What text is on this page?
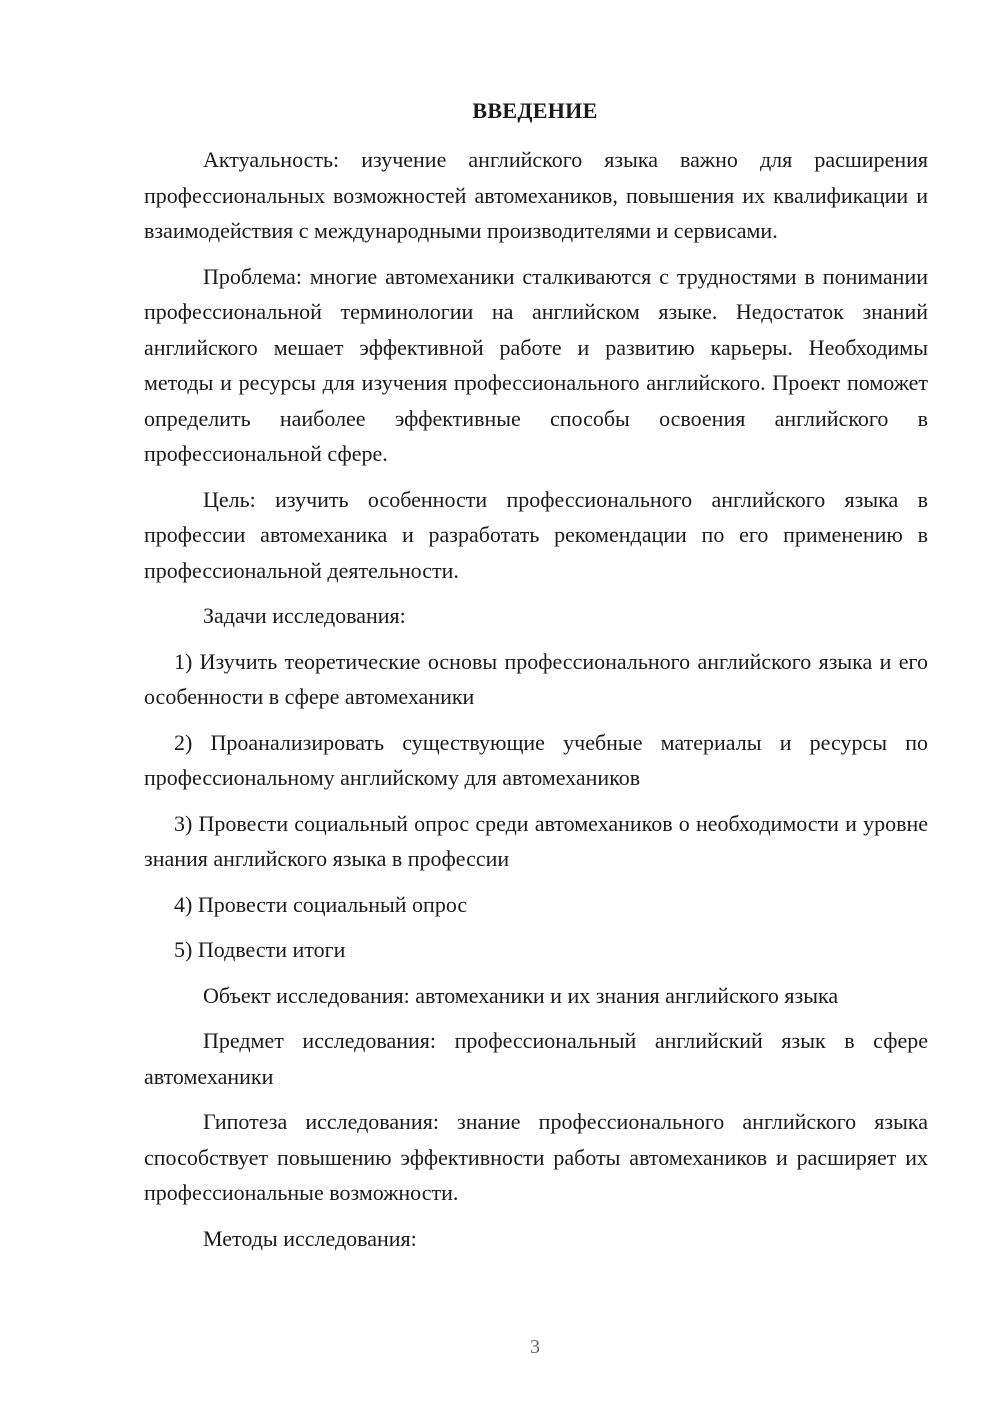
ВВЕДЕНИЕ

Актуальность: изучение английского языка важно для расширения профессиональных возможностей автомехаников, повышения их квалификации и взаимодействия с международными производителями и сервисами.

Проблема: многие автомеханики сталкиваются с трудностями в понимании профессиональной терминологии на английском языке. Недостаток знаний английского мешает эффективной работе и развитию карьеры. Необходимы методы и ресурсы для изучения профессионального английского. Проект поможет определить наиболее эффективные способы освоения английского в профессиональной сфере.

Цель: изучить особенности профессионального английского языка в профессии автомеханика и разработать рекомендации по его применению в профессиональной деятельности.

Задачи исследования:

1) Изучить теоретические основы профессионального английского языка и его особенности в сфере автомеханики

2) Проанализировать существующие учебные материалы и ресурсы по профессиональному английскому для автомехаников

3) Провести социальный опрос среди автомехаников о необходимости и уровне знания английского языка в профессии

4) Провести социальный опрос

5) Подвести итоги

Объект исследования: автомеханики и их знания английского языка

Предмет исследования: профессиональный английский язык в сфере автомеханики

Гипотеза исследования: знание профессионального английского языка способствует повышению эффективности работы автомехаников и расширяет их профессиональные возможности.

Методы исследования:

3
